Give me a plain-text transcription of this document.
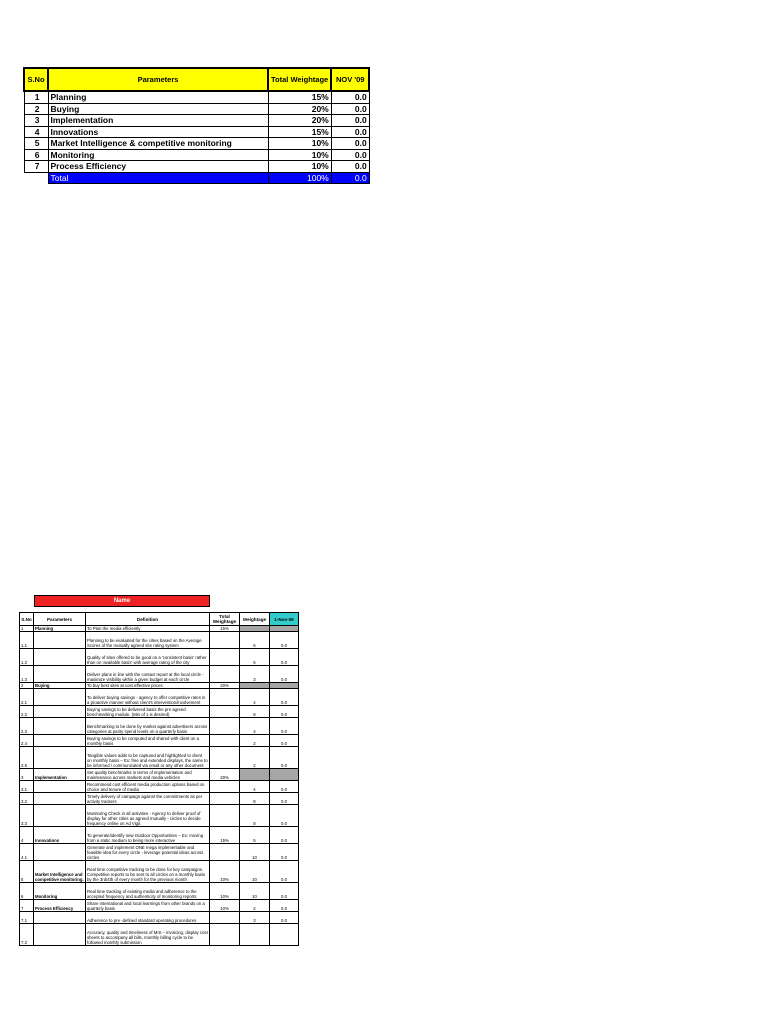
S.No	Parameters	Total Weightage	NOV '09
1	Planning	15%	0.0
2	Buying	20%	0.0
3	Implementation	20%	0.0
4	Innovations	15%	0.0
5	Market Intelligence & competitive monitoring	10%	0.0
6	Monitoring	10%	0.0
7	Process Efficiency	10%	0.0
	Total	100%	0.0
Name
S.No	Parameters	Definition	Total Weightage	Weightage	1-Nov-09
1	Planning	To Plan the media efficiently	15%		
1.1		Planning to be evaluated for the cities based on the Average Scores of the mutually agreed site rating system		6	0.0
1.2		Quality of sites offered to be good on a 'consistent basis' rather than on 'available basis' with average rating of the city		6	0.0
1.3		Deliver plans in line with the contact report at the local circle - maximize visibility within a given budget at each circle		3	0.0
2	Buying	To buy best sites at cost effective prices	20%		
2.1		To deliver buying savings - agency to offer competitive rates in a proactive manner without client's intervention/involvement		4	0.0
2.2		Buying savings to be delivered basis the pre agreed benchmarking module. (Min of 1 is desired)		8	0.0
2.3		Benchmarking to be done by market against advertisers across categories at parity spend levels on a quarterly basis		4	0.0
2.4		Buying savings to be computed and shared with client on a monthly basis		2	0.0
2.5		Tangible values adds to be captured and highlighted to client on monthly basis – Ex: free and extended displays, the same to be informed / communicated via email or any other document		2	0.0
3	Implementation	Set quality benchmarks in terms of implementation and maintenance across markets and media vehicles	20%		
3.1		Recommend cost efficient media production options based on choice and tenure of media		4	0.0
3.2		Timely delivery of campaign against the commitments as per activity trackers		8	0.0
3.3		Monitoring Check in all activities - Agency to deliver proof of display for other cities as agreed mutually - circles to decide frequency online on Ad Vigil.		8	0.0
4	Innovations	To generate/identify new Outdoor Opportunities – Ex: moving from a static medium to being more interactive	15%	5	0.0
4.1		Generate and implement ONE mega implementable and feasible idea for every circle - leverage potential ideas across circles		10	0.0
5	Market Intelligence and competitive monitoring.	Real time competitive tracking to be done for key campaigns. Competitive reports to be sent to all circles on a monthly basis by the 3rd/4th of every month for the previous month	10%	10	0.0
6	Monitoring	Real time tracking of existing media and adherence to the accepted frequency and authenticity of monitoring reports	10%	10	0.0
7	Process Efficiency	Share international and local learnings from other brands on a quarterly basis	10%	2	0.0
7.1		Adherence to pre -defined standard operating procedures		3	0.0
7.2		Accuracy, quality and timeliness of MIS – invoicing, display cost sheets to accompany all bills, monthly billing cycle to be followed monthly submission			
